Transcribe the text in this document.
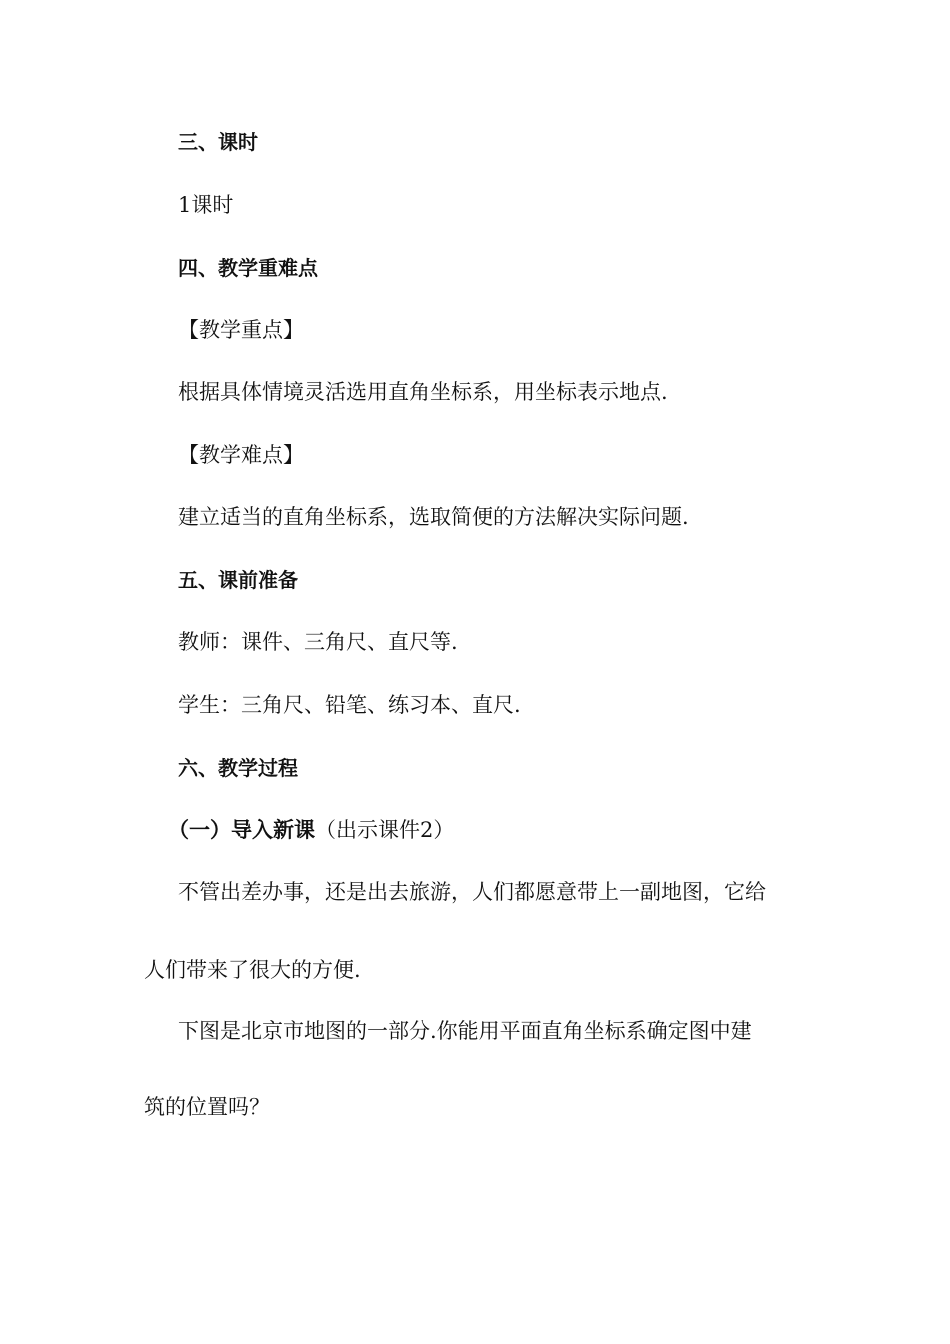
三、课时
1课时
四、教学重难点
【教学重点】
根据具体情境灵活选用直角坐标系，用坐标表示地点.
【教学难点】
建立适当的直角坐标系，选取简便的方法解决实际问题.
五、课前准备
教师：课件、三角尺、直尺等.
学生：三角尺、铅笔、练习本、直尺.
六、教学过程
（一）导入新课（出示课件2）
不管出差办事，还是出去旅游，人们都愿意带上一副地图，它给
人们带来了很大的方便.
下图是北京市地图的一部分.你能用平面直角坐标系确定图中建
筑的位置吗？
